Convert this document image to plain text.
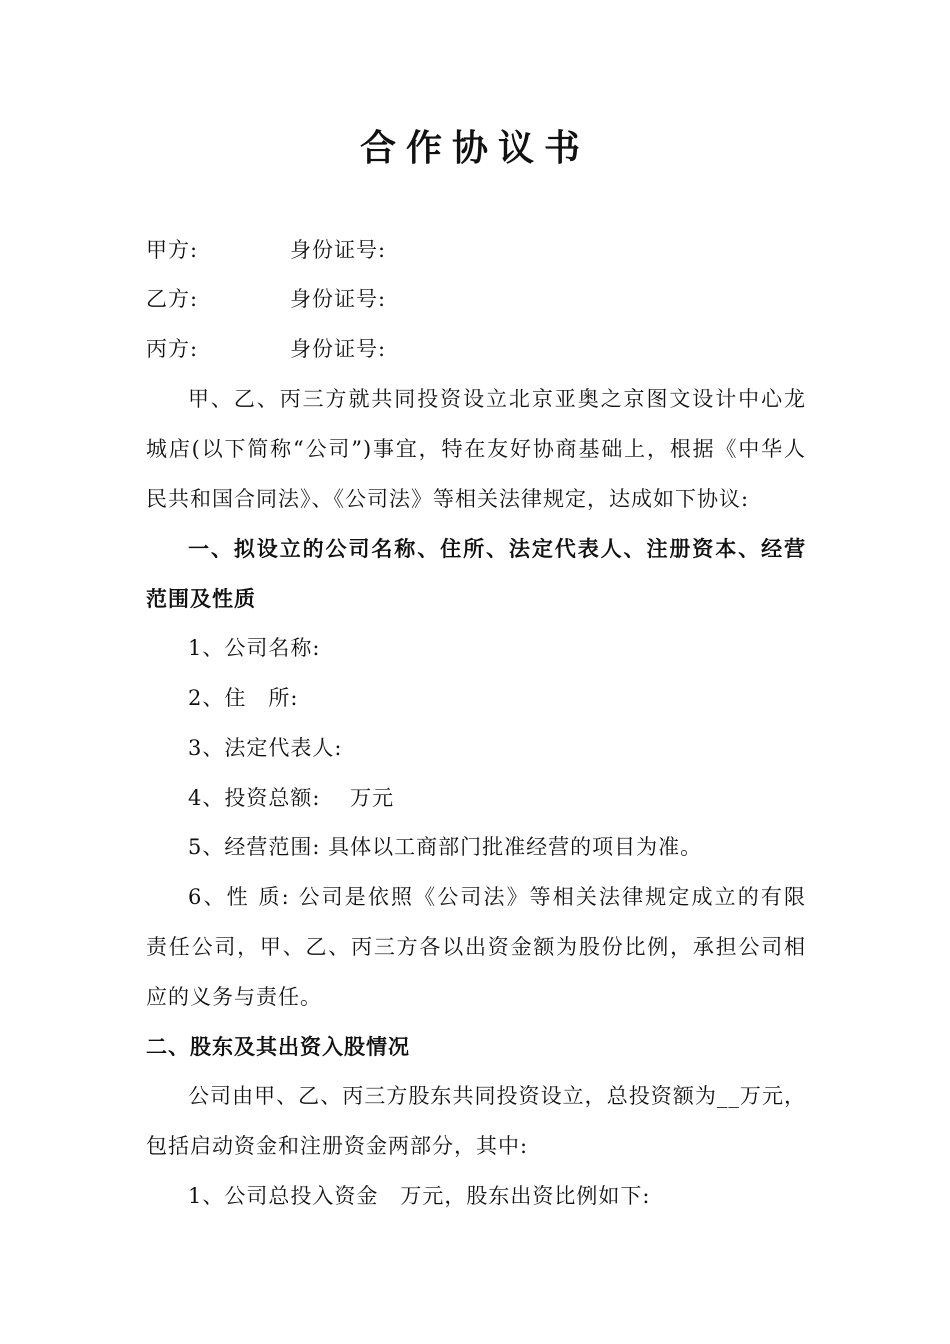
合作协议书
甲方:	身份证号:
乙方:	身份证号:
丙方:	身份证号:
甲、乙、丙三方就共同投资设立北京亚奥之京图文设计中心龙
城店(以下简称“公司”)事宜，特在友好协商基础上，根据《中华人
民共和国合同法》、《公司法》等相关法律规定，达成如下协议:
一、拟设立的公司名称、住所、法定代表人、注册资本、经营
范围及性质
1、公司名称:
2、住　所:
3、法定代表人:
4、投资总额:　 万元
5、经营范围: 具体以工商部门批准经营的项目为准。
6、性 质: 公司是依照《公司法》等相关法律规定成立的有限
责任公司，甲、乙、丙三方各以出资金额为股份比例，承担公司相
应的义务与责任。
二、股东及其出资入股情况
公司由甲、乙、丙三方股东共同投资设立，总投资额为__万元，
包括启动资金和注册资金两部分，其中:
1、公司总投入资金　万元，股东出资比例如下:
